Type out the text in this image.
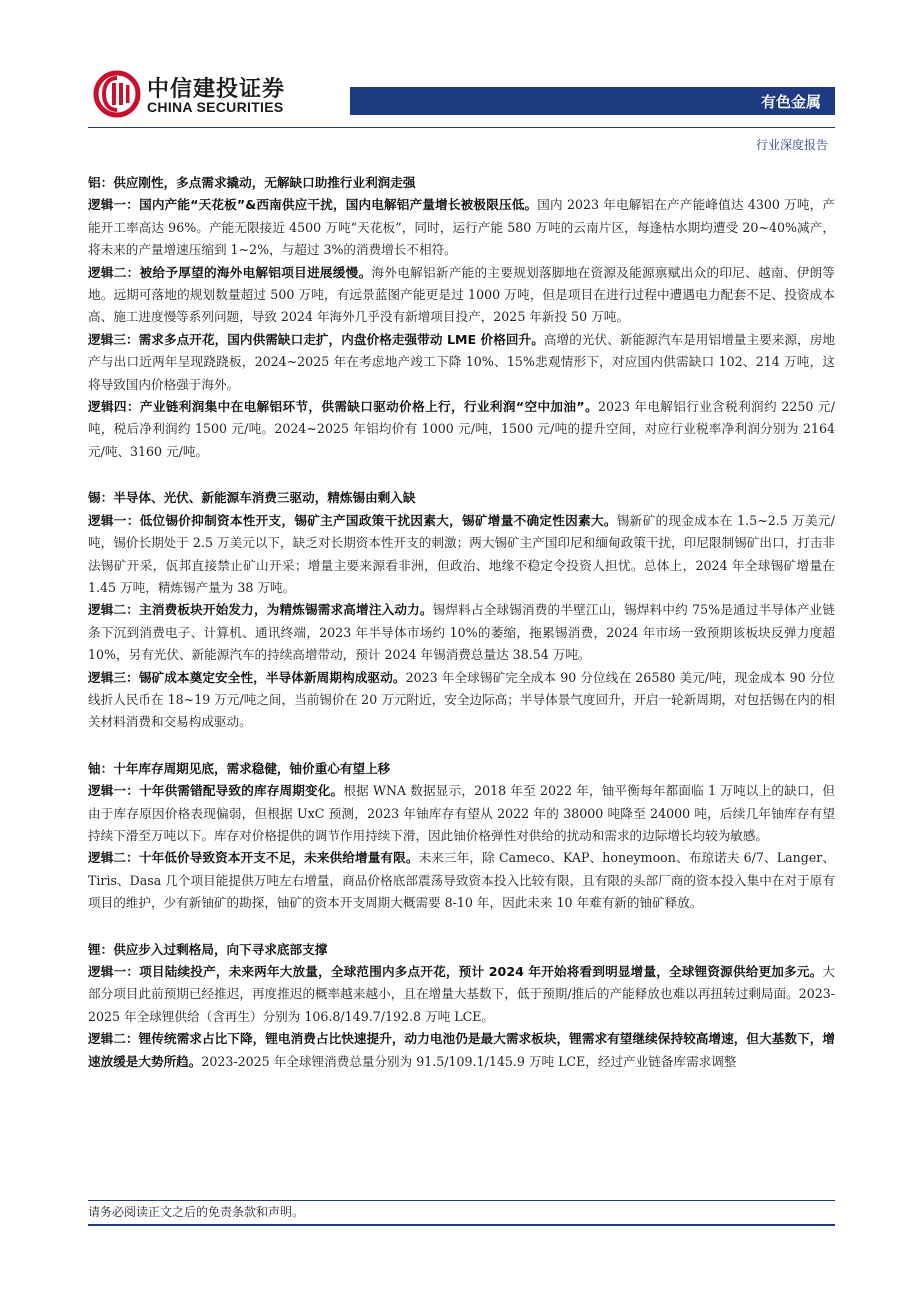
中信建投证券
CHINA SECURITIES	有色金属
行业深度报告

铝：供应刚性，多点需求撬动，无解缺口助推行业利润走强

逻辑一：国内产能“天花板”&西南供应干扰，国内电解铝产量增长被极限压低。国内 2023 年电解铝在产产能峰值达 4300 万吨，产能开工率高达 96%。产能无限接近 4500 万吨“天花板”，同时，运行产能 580 万吨的云南片区，每逢枯水期均遭受 20~40%减产，将未来的产量增速压缩到 1~2%，与超过 3%的消费增长不相符。

逻辑二：被给予厚望的海外电解铝项目进展缓慢。海外电解铝新产能的主要规划落脚地在资源及能源禀赋出众的印尼、越南、伊朗等地。远期可落地的规划数量超过 500 万吨，有远景蓝图产能更是过 1000 万吨，但是项目在进行过程中遭遇电力配套不足、投资成本高、施工进度慢等系列问题，导致 2024 年海外几乎没有新增项目投产，2025 年新投 50 万吨。

逻辑三：需求多点开花，国内供需缺口走扩，内盘价格走强带动 LME 价格回升。高增的光伏、新能源汽车是用铝增量主要来源，房地产与出口近两年呈现跷跷板，2024~2025 年在考虑地产竣工下降 10%、15%悲观情形下，对应国内供需缺口 102、214 万吨，这将导致国内价格强于海外。

逻辑四：产业链利润集中在电解铝环节，供需缺口驱动价格上行，行业利润“空中加油”。2023 年电解铝行业含税利润约 2250 元/吨，税后净利润约 1500 元/吨。2024~2025 年铝均价有 1000 元/吨，1500 元/吨的提升空间，对应行业税率净利润分别为 2164 元/吨、3160 元/吨。

锡：半导体、光伏、新能源车消费三驱动，精炼锡由剩入缺

逻辑一：低位锡价抑制资本性开支，锡矿主产国政策干扰因素大，锡矿增量不确定性因素大。锡新矿的现金成本在 1.5~2.5 万美元/吨，锡价长期处于 2.5 万美元以下，缺乏对长期资本性开支的刺激；两大锡矿主产国印尼和缅甸政策干扰，印尼限制锡矿出口，打击非法锡矿开采，佤邦直接禁止矿山开采；增量主要来源看非洲，但政治、地缘不稳定令投资人担忧。总体上，2024 年全球锡矿增量在 1.45 万吨，精炼锡产量为 38 万吨。

逻辑二：主消费板块开始发力，为精炼锡需求高增注入动力。锡焊料占全球锡消费的半壁江山，锡焊料中约 75%是通过半导体产业链条下沉到消费电子、计算机、通讯终端，2023 年半导体市场约 10%的萎缩，拖累锡消费，2024 年市场一致预期该板块反弹力度超 10%，另有光伏、新能源汽车的持续高增带动，预计 2024 年锡消费总量达 38.54 万吨。

逻辑三：锡矿成本奠定安全性，半导体新周期构成驱动。2023 年全球锡矿完全成本 90 分位线在 26580 美元/吨，现金成本 90 分位线折人民币在 18~19 万元/吨之间，当前锡价在 20 万元附近，安全边际高；半导体景气度回升，开启一轮新周期，对包括锡在内的相关材料消费和交易构成驱动。

铀：十年库存周期见底，需求稳健，铀价重心有望上移

逻辑一：十年供需错配导致的库存周期变化。根据 WNA 数据显示，2018 年至 2022 年，铀平衡每年都面临 1 万吨以上的缺口，但由于库存原因价格表现偏弱，但根据 UxC 预测，2023 年铀库存有望从 2022 年的 38000 吨降至 24000 吨，后续几年铀库存有望持续下滑至万吨以下。库存对价格提供的调节作用持续下滑，因此铀价格弹性对供给的扰动和需求的边际增长均较为敏感。

逻辑二：十年低价导致资本开支不足，未来供给增量有限。未来三年，除 Cameco、KAP、honeymoon、布琼诺夫 6/7、Langer、Tiris、Dasa 几个项目能提供万吨左右增量，商品价格底部震荡导致资本投入比较有限，且有限的头部厂商的资本投入集中在对于原有项目的维护，少有新铀矿的勘探，铀矿的资本开支周期大概需要 8-10 年，因此未来 10 年难有新的铀矿释放。

锂：供应步入过剩格局，向下寻求底部支撑

逻辑一：项目陆续投产，未来两年大放量，全球范围内多点开花，预计 2024 年开始将看到明显增量，全球锂资源供给更加多元。大部分项目此前预期已经推迟，再度推迟的概率越来越小，且在增量大基数下，低于预期/推后的产能释放也难以再扭转过剩局面。2023-2025 年全球锂供给（含再生）分别为 106.8/149.7/192.8 万吨 LCE。

逻辑二：锂传统需求占比下降，锂电消费占比快速提升，动力电池仍是最大需求板块，锂需求有望继续保持较高增速，但大基数下，增速放缓是大势所趋。2023-2025 年全球锂消费总量分别为 91.5/109.1/145.9 万吨 LCE，经过产业链备库需求调整

请务必阅读正文之后的免责条款和声明。
